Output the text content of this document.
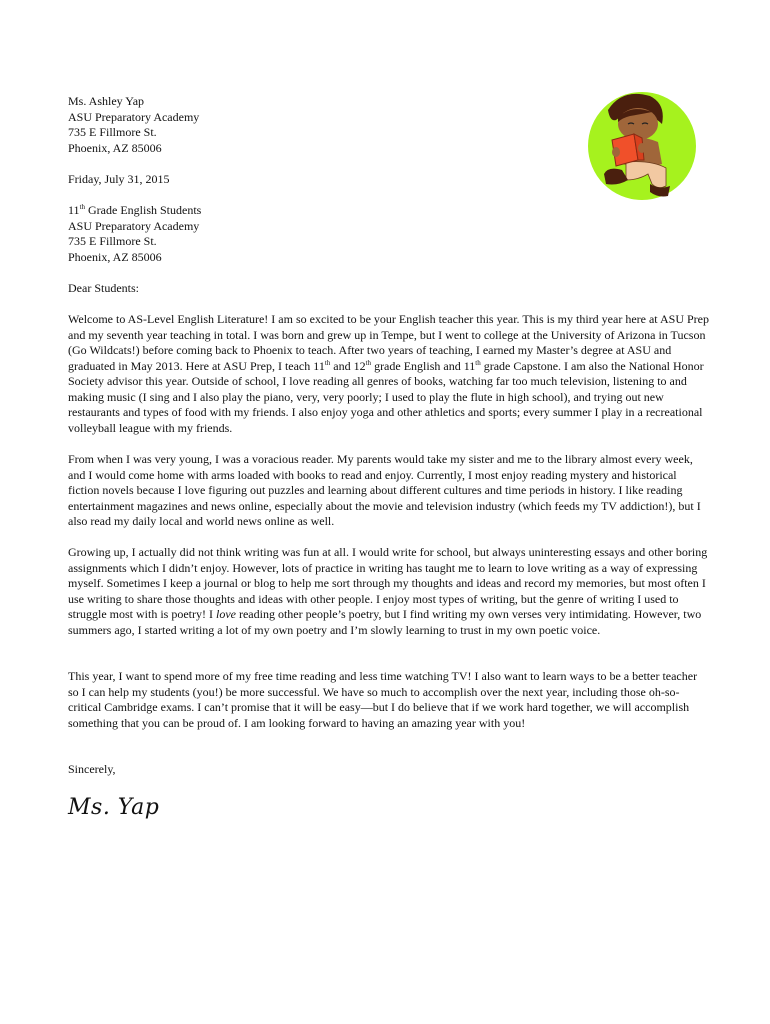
Ms. Ashley Yap
ASU Preparatory Academy
735 E Fillmore St.
Phoenix, AZ 85006
Friday, July 31, 2015
11th Grade English Students
ASU Preparatory Academy
735 E Fillmore St.
Phoenix, AZ 85006
Dear Students:

Welcome to AS-Level English Literature! I am so excited to be your English teacher this year. This is my third year here at ASU Prep and my seventh year teaching in total. I was born and grew up in Tempe, but I went to college at the University of Arizona in Tucson (Go Wildcats!) before coming back to Phoenix to teach. After two years of teaching, I earned my Master’s degree at ASU and graduated in May 2013. Here at ASU Prep, I teach 11th and 12th grade English and 11th grade Capstone. I am also the National Honor Society advisor this year. Outside of school, I love reading all genres of books, watching far too much television, listening to and making music (I sing and I also play the piano, very, very poorly; I used to play the flute in high school), and trying out new restaurants and types of food with my friends. I also enjoy yoga and other athletics and sports; every summer I play in a recreational volleyball league with my friends.

From when I was very young, I was a voracious reader. My parents would take my sister and me to the library almost every week, and I would come home with arms loaded with books to read and enjoy. Currently, I most enjoy reading mystery and historical fiction novels because I love figuring out puzzles and learning about different cultures and time periods in history. I like reading entertainment magazines and news online, especially about the movie and television industry (which feeds my TV addiction!), but I also read my daily local and world news online as well.

Growing up, I actually did not think writing was fun at all. I would write for school, but always uninteresting essays and other boring assignments which I didn’t enjoy. However, lots of practice in writing has taught me to learn to love writing as a way of expressing myself. Sometimes I keep a journal or blog to help me sort through my thoughts and ideas and record my memories, but most often I use writing to share those thoughts and ideas with other people. I enjoy most types of writing, but the genre of writing I used to struggle most with is poetry! I love reading other people’s poetry, but I find writing my own verses very intimidating. However, two summers ago, I started writing a lot of my own poetry and I’m slowly learning to trust in my own poetic voice.

This year, I want to spend more of my free time reading and less time watching TV! I also want to learn ways to be a better teacher so I can help my students (you!) be more successful. We have so much to accomplish over the next year, including those oh-so-critical Cambridge exams. I can’t promise that it will be easy—but I do believe that if we work hard together, we will accomplish something that you can be proud of. I am looking forward to having an amazing year with you!

Sincerely,
Ms. Yap
